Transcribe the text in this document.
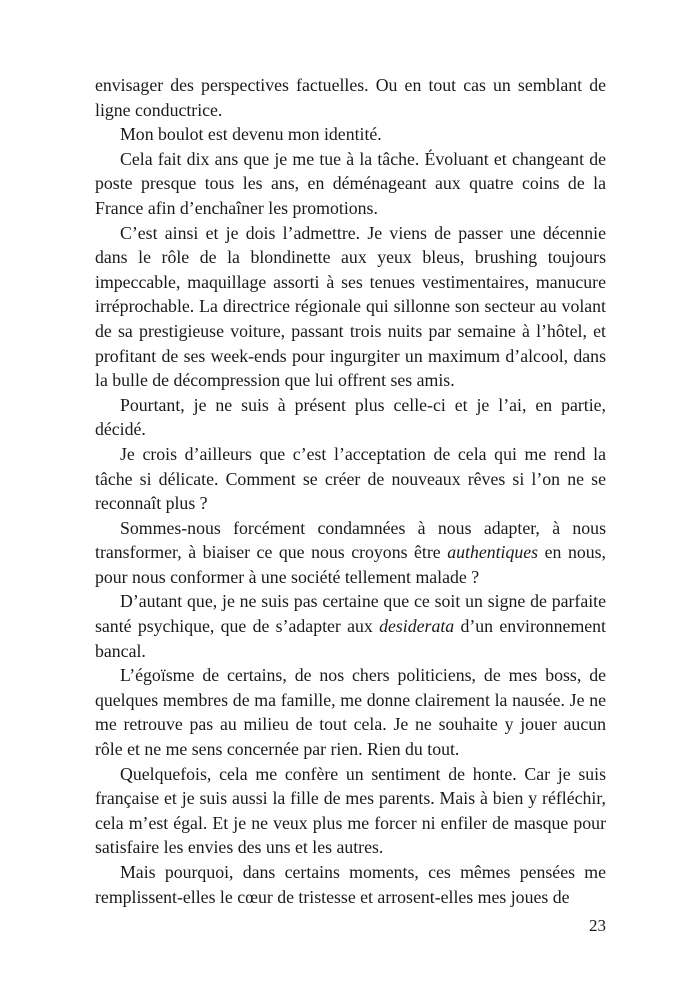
envisager des perspectives factuelles. Ou en tout cas un semblant de ligne conductrice.

Mon boulot est devenu mon identité.

Cela fait dix ans que je me tue à la tâche. Évoluant et changeant de poste presque tous les ans, en déménageant aux quatre coins de la France afin d’enchaîner les promotions.

C’est ainsi et je dois l’admettre. Je viens de passer une décennie dans le rôle de la blondinette aux yeux bleus, brushing toujours impeccable, maquillage assorti à ses tenues vestimentaires, manucure irréprochable. La directrice régionale qui sillonne son secteur au volant de sa prestigieuse voiture, passant trois nuits par semaine à l’hôtel, et profitant de ses week-ends pour ingurgiter un maximum d’alcool, dans la bulle de décompression que lui offrent ses amis.

Pourtant, je ne suis à présent plus celle-ci et je l’ai, en partie, décidé.

Je crois d’ailleurs que c’est l’acceptation de cela qui me rend la tâche si délicate. Comment se créer de nouveaux rêves si l’on ne se reconnaît plus ?

Sommes-nous forcément condamnées à nous adapter, à nous transformer, à biaiser ce que nous croyons être authentiques en nous, pour nous conformer à une société tellement malade ?

D’autant que, je ne suis pas certaine que ce soit un signe de parfaite santé psychique, que de s’adapter aux desiderata d’un environnement bancal.

L’égoïsme de certains, de nos chers politiciens, de mes boss, de quelques membres de ma famille, me donne clairement la nausée. Je ne me retrouve pas au milieu de tout cela. Je ne souhaite y jouer aucun rôle et ne me sens concernée par rien. Rien du tout.

Quelquefois, cela me confère un sentiment de honte. Car je suis française et je suis aussi la fille de mes parents. Mais à bien y réfléchir, cela m’est égal. Et je ne veux plus me forcer ni enfiler de masque pour satisfaire les envies des uns et les autres.

Mais pourquoi, dans certains moments, ces mêmes pensées me remplissent-elles le cœur de tristesse et arrosent-elles mes joues de

23
